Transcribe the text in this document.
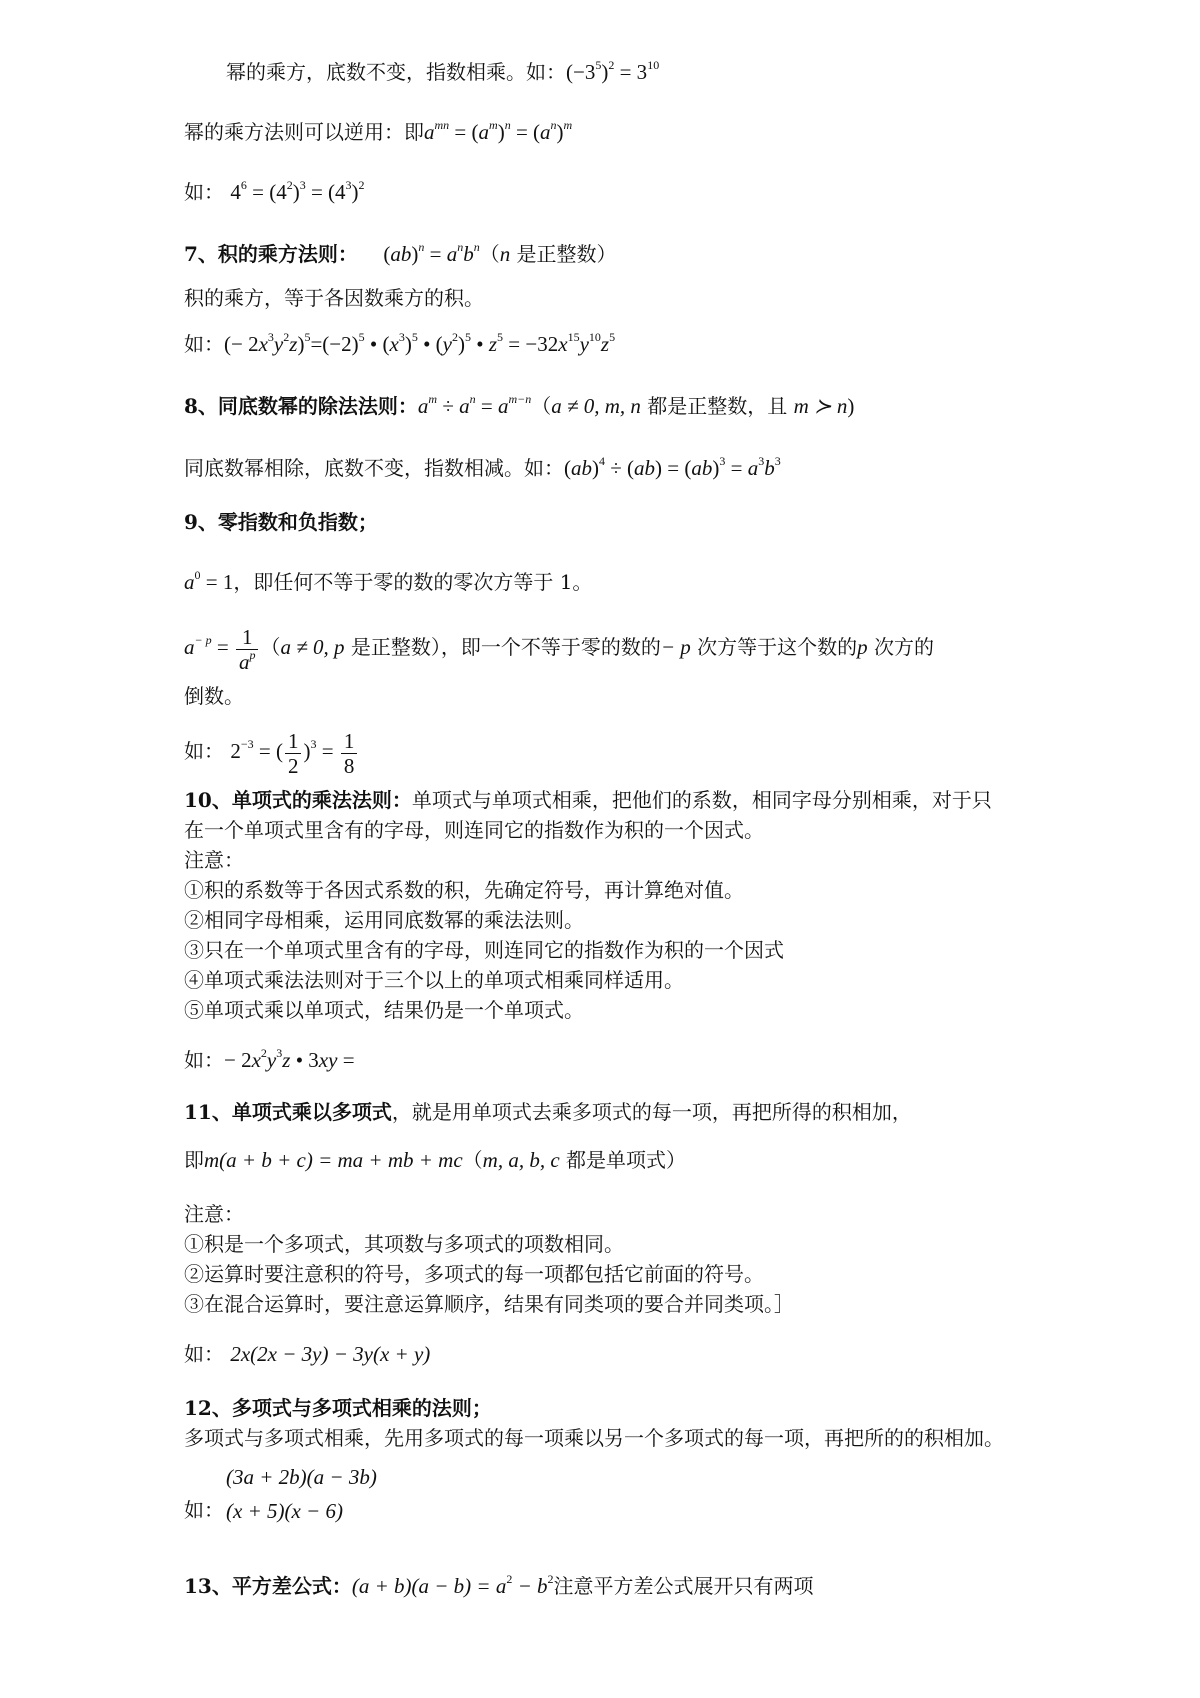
幂的乘方，底数不变，指数相乘。如：$(-3^5)^2 = 3^{10}$
幂的乘方法则可以逆用：即$a^{mn} = (a^m)^n = (a^n)^m$
如： $4^6 = (4^2)^3 = (4^3)^2$
7、积的乘方法则： $(ab)^n = a^nb^n(n$ 是正整数）
积的乘方，等于各因数乘方的积。
如：(− $2x^3y^2z)^5=(-2)^5$ • $(x^3)^5$ • $(y^2)^5$ • $z^5 = -32x^{15}y^{10}z^5$
8、同底数幂的除法法则：$a^m \div a^n = a^{m-n}(a \ne 0$, m, n 都是正整数，且 m ≻ n)
同底数幂相除，底数不变，指数相减。如：$(ab)^4 \div (ab) = (ab)^3 = a^3b^3$
9、零指数和负指数；
$a^0 = 1$，即任何不等于零的数的零次方等于 1。
$a^{- p} = \frac{1}{a^p} (a \ne 0$, p 是正整数），即一个不等于零的数的− p 次方等于这个数的p 次方的
倒数。
如： $2^{-3}$ = ( $\frac{1}{2} )^3 = \frac{1}{8}$
10、单项式的乘法法则：单项式与单项式相乘，把他们的系数，相同字母分别相乘，对于只
在一个单项式里含有的字母，则连同它的指数作为积的一个因式。
注意：
①积的系数等于各因式系数的积，先确定符号，再计算绝对值。
②相同字母相乘，运用同底数幂的乘法法则。
③只在一个单项式里含有的字母，则连同它的指数作为积的一个因式
④单项式乘法法则对于三个以上的单项式相乘同样适用。
⑤单项式乘以单项式，结果仍是一个单项式。
如：− $2x^2y^3z$ • 3xy =
11、单项式乘以多项式，就是用单项式去乘多项式的每一项，再把所得的积相加，
即m(a + b + c) = ma + mb + mc（m, a, b, c 都是单项式）
注意：
①积是一个多项式，其项数与多项式的项数相同。
②运算时要注意积的符号，多项式的每一项都包括它前面的符号。
③在混合运算时，要注意运算顺序，结果有同类项的要合并同类项。］
如： 2x(2x − 3y) − 3y(x + y)
12、多项式与多项式相乘的法则；
多项式与多项式相乘，先用多项式的每一项乘以另一个多项式的每一项，再把所的的积相加。
如：
(3a + 2b)(a − 3b)
(x + 5)(x − 6)
13、平方差公式：$(a + b)(a - b) = a^2 - b^2$注意平方差公式展开只有两项
